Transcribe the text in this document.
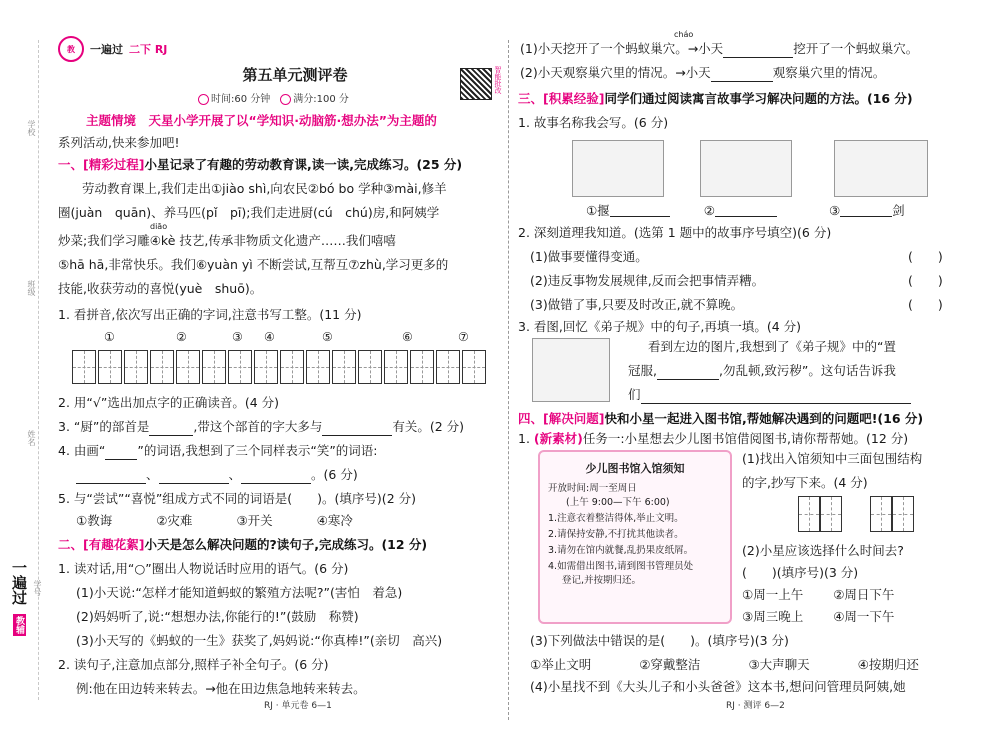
学校
班级
姓名
学号
一遍过 教辅
教	一遍过 二下 RJ
第五单元测评卷
时间:60 分钟	满分:100 分
智能批改
主题情境　天星小学开展了以“学知识·动脑筋·想办法”为主题的
系列活动,快来参加吧!
一、[精彩过程]小星记录了有趣的劳动教育课,读一读,完成练习。(25 分)
劳动教育课上,我们走出①jiào shì,向农民②bó bo 学种③mài,修羊
圈(juàn　quān)、养马匹(pǐ　pī);我们走进厨(cú　chú)房,和阿姨学
diāo
炒菜;我们学习雕④kè 技艺,传承非物质文化遗产……我们嘻嘻
⑤hā hā,非常快乐。我们⑥yuàn yì 不断尝试,互帮互⑦zhù,学习更多的
技能,收获劳动的喜悦(yuè　shuō)。
1. 看拼音,依次写出正确的字词,注意书写工整。(11 分)
①	②	③ ④	⑤	⑥	⑦
2. 用“√”选出加点字的正确读音。(4 分)
3. “厨”的部首是	,带这个部首的字大多与	有关。(2 分)
4. 由画“	”的词语,我想到了三个同样表示“笑”的词语:
、	、	。(6 分)
5. 与“尝试”“喜悦”组成方式不同的词语是(　　)。(填序号)(2 分)
①教诲	②灾难	③开关	④寒冷
二、[有趣花絮]小天是怎么解决问题的?读句子,完成练习。(12 分)
1. 读对话,用“○”圈出人物说话时应用的语气。(6 分)
(1)小天说:“怎样才能知道蚂蚁的繁殖方法呢?”(害怕　着急)
(2)妈妈听了,说:“想想办法,你能行的!”(鼓励　称赞)
(3)小天写的《蚂蚁的一生》获奖了,妈妈说:“你真棒!”(亲切　高兴)
2. 读句子,注意加点部分,照样子补全句子。(6 分)
例:他在田边转来转去。→他在田边焦急地转来转去。
RJ · 单元卷 6—1
cháo
(1)小天挖开了一个蚂蚁巢穴。→小天	挖开了一个蚂蚁巢穴。
(2)小天观察巢穴里的情况。→小天	观察巢穴里的情况。
三、[积累经验]同学们通过阅读寓言故事学习解决问题的方法。(16 分)
1. 故事名称我会写。(6 分)
①揠	②	③	剑
2. 深刻道理我知道。(选第 1 题中的故事序号填空)(6 分)
(1)做事要懂得变通。	(　　)
(2)违反事物发展规律,反而会把事情弄糟。	(　　)
(3)做错了事,只要及时改正,就不算晚。	(　　)
3. 看图,回忆《弟子规》中的句子,再填一填。(4 分)
看到左边的图片,我想到了《弟子规》中的“置
冠服,	,勿乱顿,致污秽”。这句话告诉我
们
四、[解决问题]快和小星一起进入图书馆,帮她解决遇到的问题吧!(16 分)
1. (新素材)任务一:小星想去少儿图书馆借阅图书,请你帮帮她。(12 分)
少儿图书馆入馆须知
开放时间:周一至周日
(上午 9:00—下午 6:00)
1.注意衣着整洁得体,举止文明。
2.请保持安静,不打扰其他读者。
3.请勿在馆内就餐,乱扔果皮纸屑。
4.如需借出图书,请到图书管理员处
登记,并按期归还。
(1)找出入馆须知中三面包围结构
的字,抄写下来。(4 分)
(2)小星应该选择什么时间去?
(　　)(填序号)(3 分)
①周一上午 ②周日下午
③周三晚上 ④周一下午
(3)下列做法中错误的是(　　)。(填序号)(3 分)
①举止文明	②穿戴整洁	③大声聊天	④按期归还
(4)小星找不到《大头儿子和小头爸爸》这本书,想问问管理员阿姨,她
RJ · 测评 6—2
